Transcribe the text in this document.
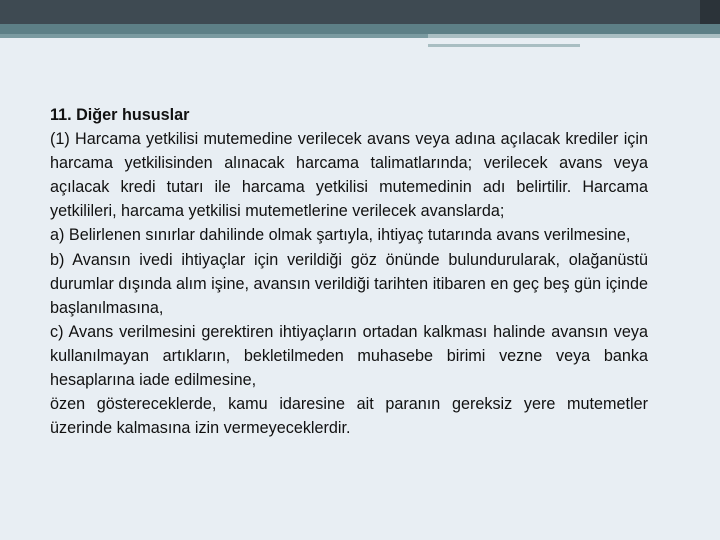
11. Diğer hususlar
(1) Harcama yetkilisi mutemedine verilecek avans veya adına açılacak krediler için harcama yetkilisinden alınacak harcama talimatlarında; verilecek avans veya açılacak kredi tutarı ile harcama yetkilisi mutemedinin adı belirtilir. Harcama yetkilileri, harcama yetkilisi mutemetlerine verilecek avanslarda;
a) Belirlenen sınırlar dahilinde olmak şartıyla, ihtiyaç tutarında avans verilmesine,
b) Avansın ivedi ihtiyaçlar için verildiği göz önünde bulundurularak, olağanüstü durumlar dışında alım işine, avansın verildiği tarihten itibaren en geç beş gün içinde başlanılmasına,
c) Avans verilmesini gerektiren ihtiyaçların ortadan kalkması halinde avansın veya kullanılmayan artıkların, bekletilmeden muhasebe birimi vezne veya banka hesaplarına iade edilmesine,
özen göstereceklerde, kamu idaresine ait paranın gereksiz yere mutemetler üzerinde kalmasına izin vermeyeceklerdir.
